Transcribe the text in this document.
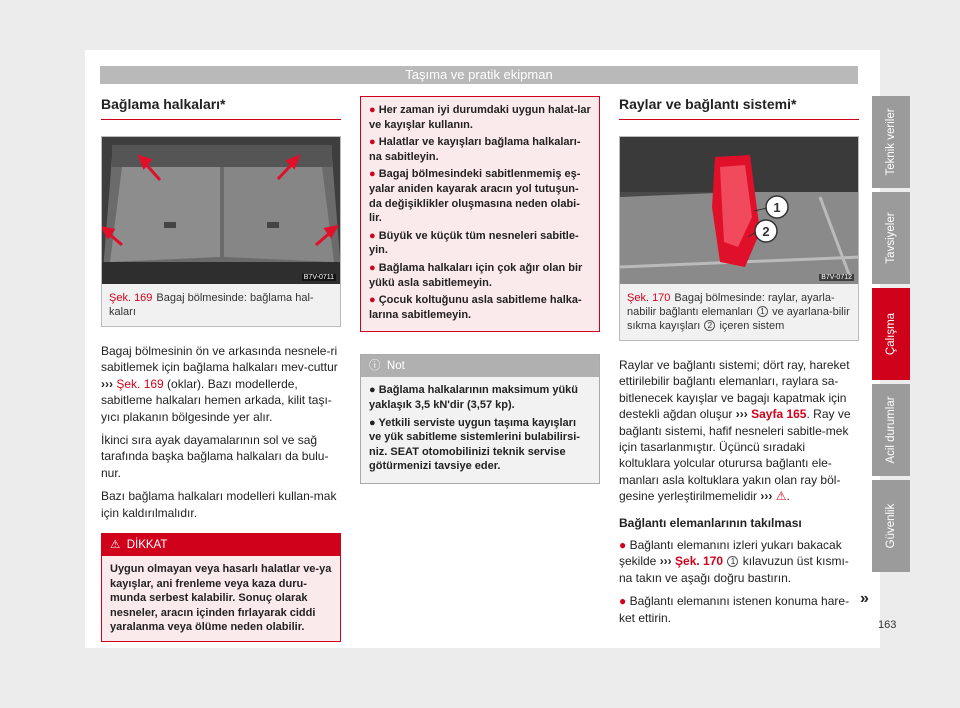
Taşıma ve pratik ekipman
Bağlama halkaları*
B7V-0711
Şek. 169 Bagaj bölmesinde: bağlama hal-kaları

Bagaj bölmesinin ön ve arkasında nesnele-ri sabitlemek için bağlama halkaları mev-cuttur ››› Şek. 169 (oklar). Bazı modellerde, sabitleme halkaları hemen arkada, kilit taşı-yıcı plakanın bölgesinde yer alır.

İkinci sıra ayak dayamalarının sol ve sağ tarafında başka bağlama halkaları da bulu-nur.

Bazı bağlama halkaları modelleri kullan-mak için kaldırılmalıdır.

⚠ DİKKAT
Uygun olmayan veya hasarlı halatlar ve-ya kayışlar, ani frenleme veya kaza duru-munda serbest kalabilir. Sonuç olarak nesneler, aracın içinden fırlayarak ciddi yaralanma veya ölüme neden olabilir.
● Her zaman iyi durumdaki uygun halat-lar ve kayışlar kullanın.
● Halatlar ve kayışları bağlama halkaları-na sabitleyin.
● Bagaj bölmesindeki sabitlenmemiş eş-yalar aniden kayarak aracın yol tutuşun-da değişiklikler oluşmasına neden olabi-lir.
● Büyük ve küçük tüm nesneleri sabitle-yin.
● Bağlama halkaları için çok ağır olan bir yükü asla sabitlemeyin.
● Çocuk koltuğunu asla sabitleme halka-larına sabitlemeyin.
ⓘ Not
● Bağlama halkalarının maksimum yükü yaklaşık 3,5 kN'dir (3,57 kp).
● Yetkili serviste uygun taşıma kayışları ve yük sabitleme sistemlerini bulabilirsi-niz. SEAT otomobilinizi teknik servise götürmenizi tavsiye eder.
Raylar ve bağlantı sistemi*
1
2
B7V-0712
Şek. 170 Bagaj bölmesinde: raylar, ayarla-nabilir bağlantı elemanları 1 ve ayarlana-bilir sıkma kayışları 2 içeren sistem

Raylar ve bağlantı sistemi; dört ray, hareket ettirilebilir bağlantı elemanları, raylara sa-bitlenecek kayışlar ve bagajı kapatmak için destekli ağdan oluşur ››› Sayfa 165. Ray ve bağlantı sistemi, hafif nesneleri sabitle-mek için tasarlanmıştır. Üçüncü sıradaki koltuklara yolcular oturursa bağlantı ele-manları asla koltuklara yakın olan ray böl-gesine yerleştirilmemelidir ››› ⚠.

Bağlantı elemanlarının takılması

● Bağlantı elemanını izleri yukarı bakacak şekilde ››› Şek. 170 1 kılavuzun üst kısmı-na takın ve aşağı doğru bastırın.

● Bağlantı elemanını istenen konuma hare-ket ettirin.

Teknik veriler
Tavsiyeler
Çalışma
Acil durumlar
Güvenlik
»
163
